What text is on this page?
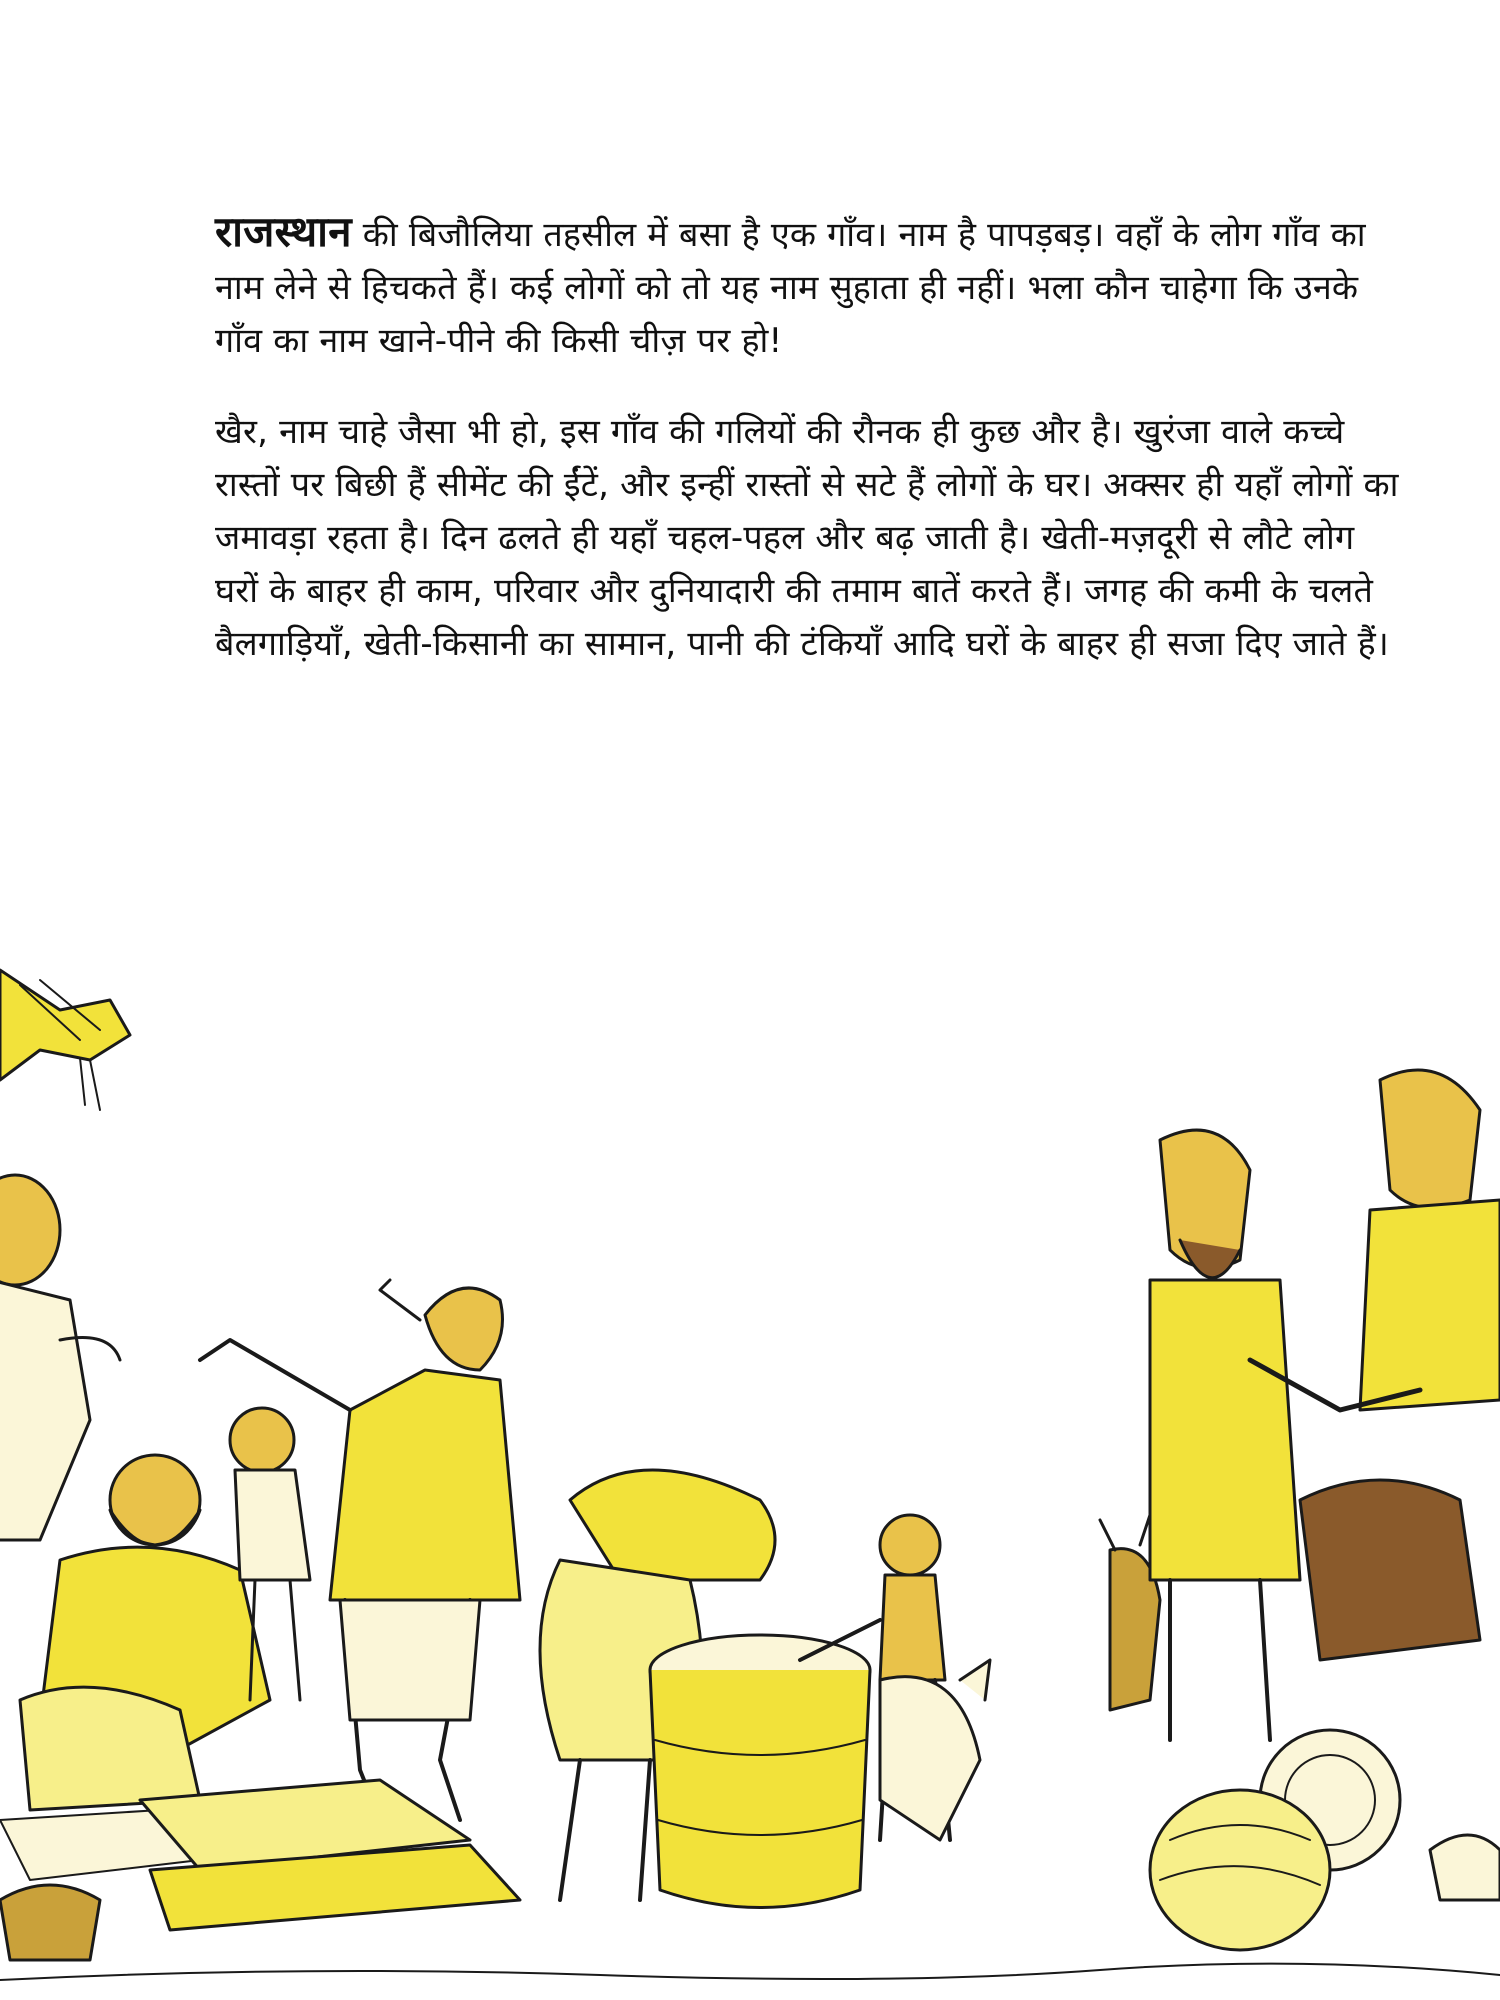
राजस्थान की बिजौलिया तहसील में बसा है एक गाँव। नाम है पापड़बड़। वहाँ के लोग गाँव का नाम लेने से हिचकते हैं। कई लोगों को तो यह नाम सुहाता ही नहीं। भला कौन चाहेगा कि उनके गाँव का नाम खाने-पीने की किसी चीज़ पर हो!

खैर, नाम चाहे जैसा भी हो, इस गाँव की गलियों की रौनक ही कुछ और है। खुरंजा वाले कच्चे रास्तों पर बिछी हैं सीमेंट की ईंटें, और इन्हीं रास्तों से सटे हैं लोगों के घर। अक्सर ही यहाँ लोगों का जमावड़ा रहता है। दिन ढलते ही यहाँ चहल-पहल और बढ़ जाती है। खेती-मज़दूरी से लौटे लोग घरों के बाहर ही काम, परिवार और दुनियादारी की तमाम बातें करते हैं। जगह की कमी के चलते बैलगाड़ियाँ, खेती-किसानी का सामान, पानी की टंकियाँ आदि घरों के बाहर ही सजा दिए जाते हैं।
